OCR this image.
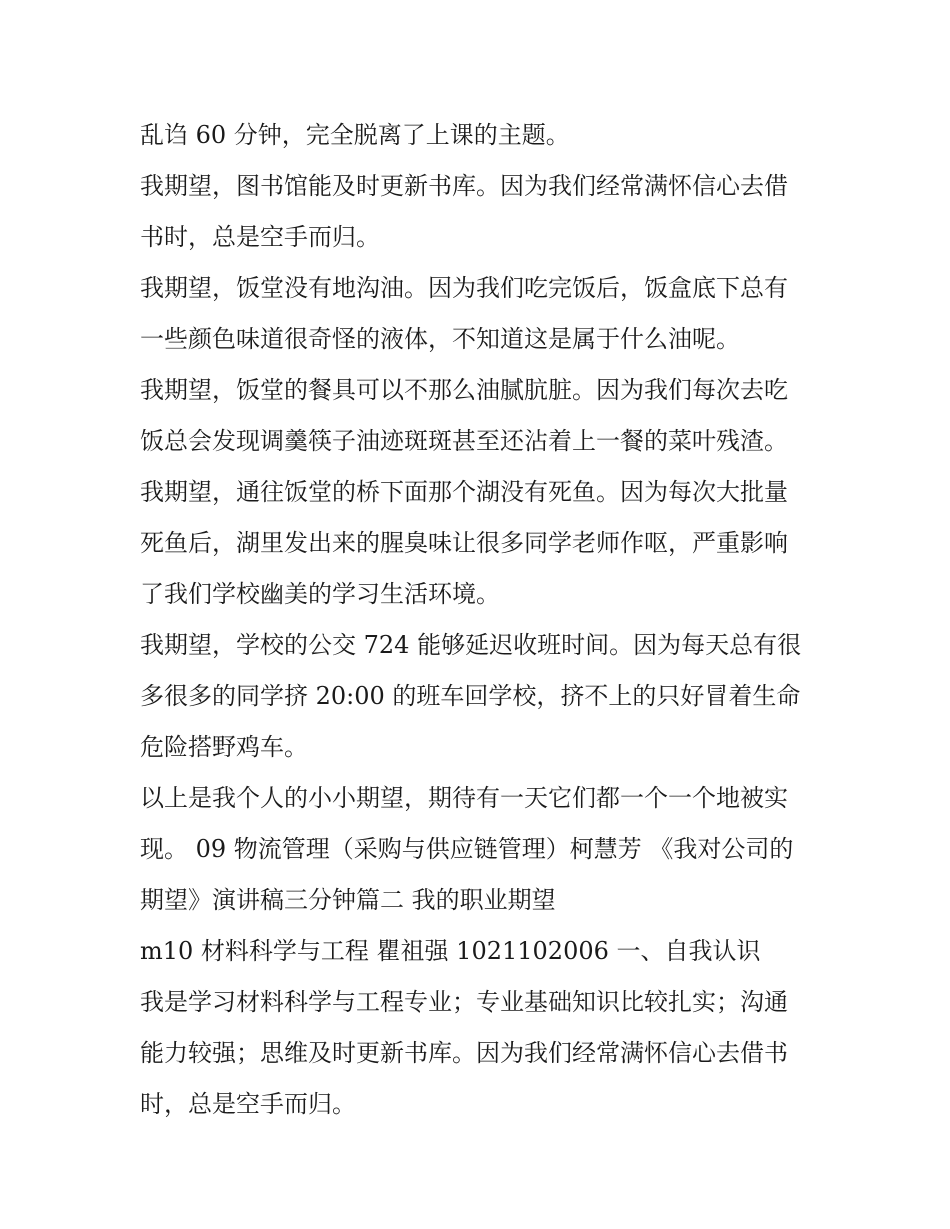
乱诌 60 分钟，完全脱离了上课的主题。
我期望，图书馆能及时更新书库。因为我们经常满怀信心去借
书时，总是空手而归。
我期望，饭堂没有地沟油。因为我们吃完饭后，饭盒底下总有
一些颜色味道很奇怪的液体，不知道这是属于什么油呢。
我期望，饭堂的餐具可以不那么油腻肮脏。因为我们每次去吃
饭总会发现调羹筷子油迹斑斑甚至还沾着上一餐的菜叶残渣。
我期望，通往饭堂的桥下面那个湖没有死鱼。因为每次大批量
死鱼后，湖里发出来的腥臭味让很多同学老师作呕，严重影响
了我们学校幽美的学习生活环境。
我期望，学校的公交 724 能够延迟收班时间。因为每天总有很
多很多的同学挤 20:00 的班车回学校，挤不上的只好冒着生命
危险搭野鸡车。
以上是我个人的小小期望，期待有一天它们都一个一个地被实
现。 09 物流管理（采购与供应链管理）柯慧芳 《我对公司的
期望》演讲稿三分钟篇二 我的职业期望
m10 材料科学与工程 瞿祖强 1021102006 一、自我认识
我是学习材料科学与工程专业；专业基础知识比较扎实；沟通
能力较强；思维及时更新书库。因为我们经常满怀信心去借书
时，总是空手而归。
